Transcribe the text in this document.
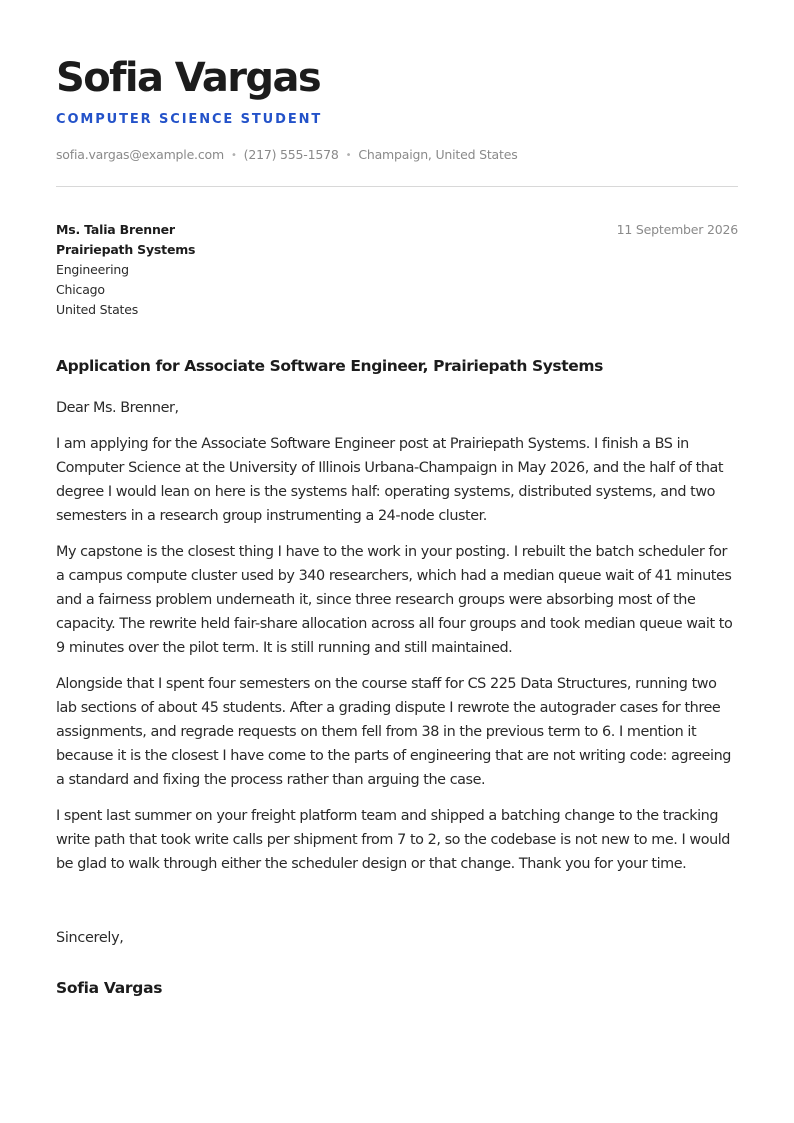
Sofia Vargas
COMPUTER SCIENCE STUDENT
sofia.vargas@example.com • (217) 555-1578 • Champaign, United States
Ms. Talia Brenner
Prairiepath Systems
Engineering
Chicago
United States
11 September 2026
Application for Associate Software Engineer, Prairiepath Systems

Dear Ms. Brenner,

I am applying for the Associate Software Engineer post at Prairiepath Systems. I finish a BS in Computer Science at the University of Illinois Urbana-Champaign in May 2026, and the half of that degree I would lean on here is the systems half: operating systems, distributed systems, and two semesters in a research group instrumenting a 24-node cluster.

My capstone is the closest thing I have to the work in your posting. I rebuilt the batch scheduler for a campus compute cluster used by 340 researchers, which had a median queue wait of 41 minutes and a fairness problem underneath it, since three research groups were absorbing most of the capacity. The rewrite held fair-share allocation across all four groups and took median queue wait to 9 minutes over the pilot term. It is still running and still maintained.

Alongside that I spent four semesters on the course staff for CS 225 Data Structures, running two lab sections of about 45 students. After a grading dispute I rewrote the autograder cases for three assignments, and regrade requests on them fell from 38 in the previous term to 6. I mention it because it is the closest I have come to the parts of engineering that are not writing code: agreeing a standard and fixing the process rather than arguing the case.

I spent last summer on your freight platform team and shipped a batching change to the tracking write path that took write calls per shipment from 7 to 2, so the codebase is not new to me. I would be glad to walk through either the scheduler design or that change. Thank you for your time.

Sincerely,
Sofia Vargas
